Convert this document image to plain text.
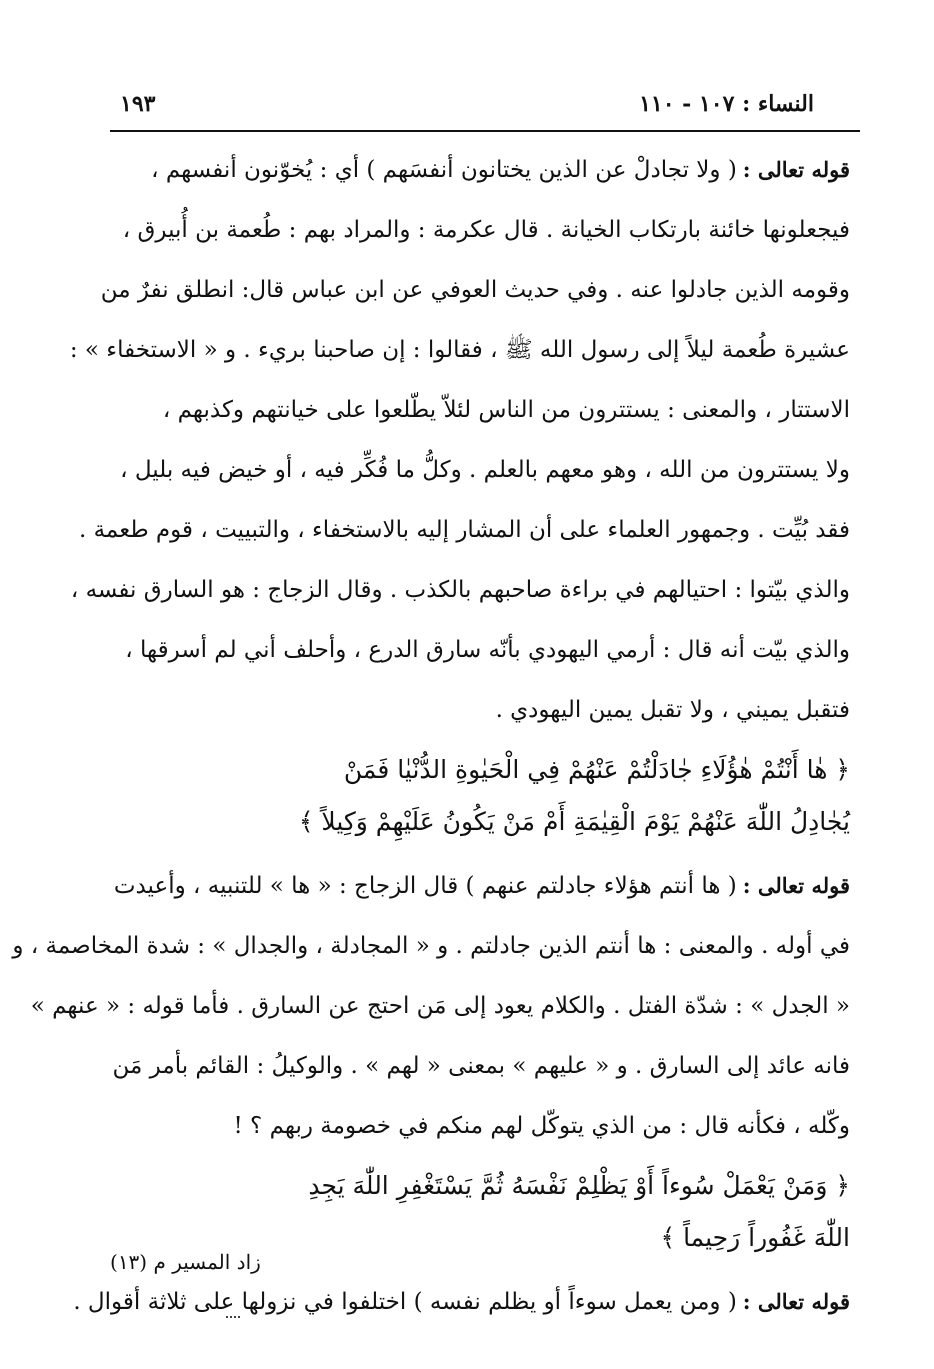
النساء : ١٠٧ - ١١٠
١٩٣

قوله تعالى :( ولا تجادلْ عن الذين يختانون أنفسَهم ) أي : يُخوّنون أنفسهم ،

فيجعلونها خائنة بارتكاب الخيانة . قال عكرمة : والمراد بهم : طُعمة بن أُبيرق ،

وقومه الذين جادلوا عنه . وفي حديث العوفي عن ابن عباس قال: انطلق نفرٌ من

عشيرة طُعمة ليلاً إلى رسول الله ﷺ ، فقالوا : إن صاحبنا بريء . و « الاستخفاء » :

الاستتار ، والمعنى : يستترون من الناس لئلاّ يطّلعوا على خيانتهم وكذبهم ،

ولا يستترون من الله ، وهو معهم بالعلم . وكلُّ ما فُكِّر فيه ، أو خيض فيه بليل ،

فقد بُيِّت . وجمهور العلماء على أن المشار إليه بالاستخفاء ، والتبييت ، قوم طعمة .

والذي بيّتوا : احتيالهم في براءة صاحبهم بالكذب . وقال الزجاج : هو السارق نفسه ،

والذي بيّت أنه قال : أرمي اليهودي بأنّه سارق الدرع ، وأحلف أني لم أسرقها ،

فتقبل يميني ، ولا تقبل يمين اليهودي .

﴿ هٰا أَنْتُمْ هٰؤُلَاءِ جٰادَلْتُمْ عَنْهُمْ فِي الْحَيٰوةِ الدُّنْيٰا فَمَنْ

يُجٰادِلُ اللّٰهَ عَنْهُمْ يَوْمَ الْقِيٰمَةِ أَمْ مَنْ يَكُونُ عَلَيْهِمْ وَكِيلاً ﴾

قوله تعالى :( ها أنتم هؤلاء جادلتم عنهم ) قال الزجاج : « ها » للتنبيه ، وأعيدت

في أوله . والمعنى : ها أنتم الذين جادلتم . و « المجادلة ، والجدال » : شدة المخاصمة ، و

« الجدل » : شدّة الفتل . والكلام يعود إلى مَن احتج عن السارق . فأما قوله : « عنهم »

فانه عائد إلى السارق . و « عليهم » بمعنى « لهم » . والوكيلُ : القائم بأمر مَن

وكّله ، فكأنه قال : من الذي يتوكّل لهم منكم في خصومة ربهم ؟ !

﴿ وَمَنْ يَعْمَلْ سُوءاً أَوْ يَظْلِمْ نَفْسَهُ ثُمَّ يَسْتَغْفِرِ اللّٰهَ يَجِدِ

اللّٰهَ غَفُوراً رَحِيماً ﴾

قوله تعالى :( ومن يعمل سوءاً أو يظلم نفسه ) اختلفوا في نزولها على ثلاثة أقوال .

زاد المسير م (١٣)
